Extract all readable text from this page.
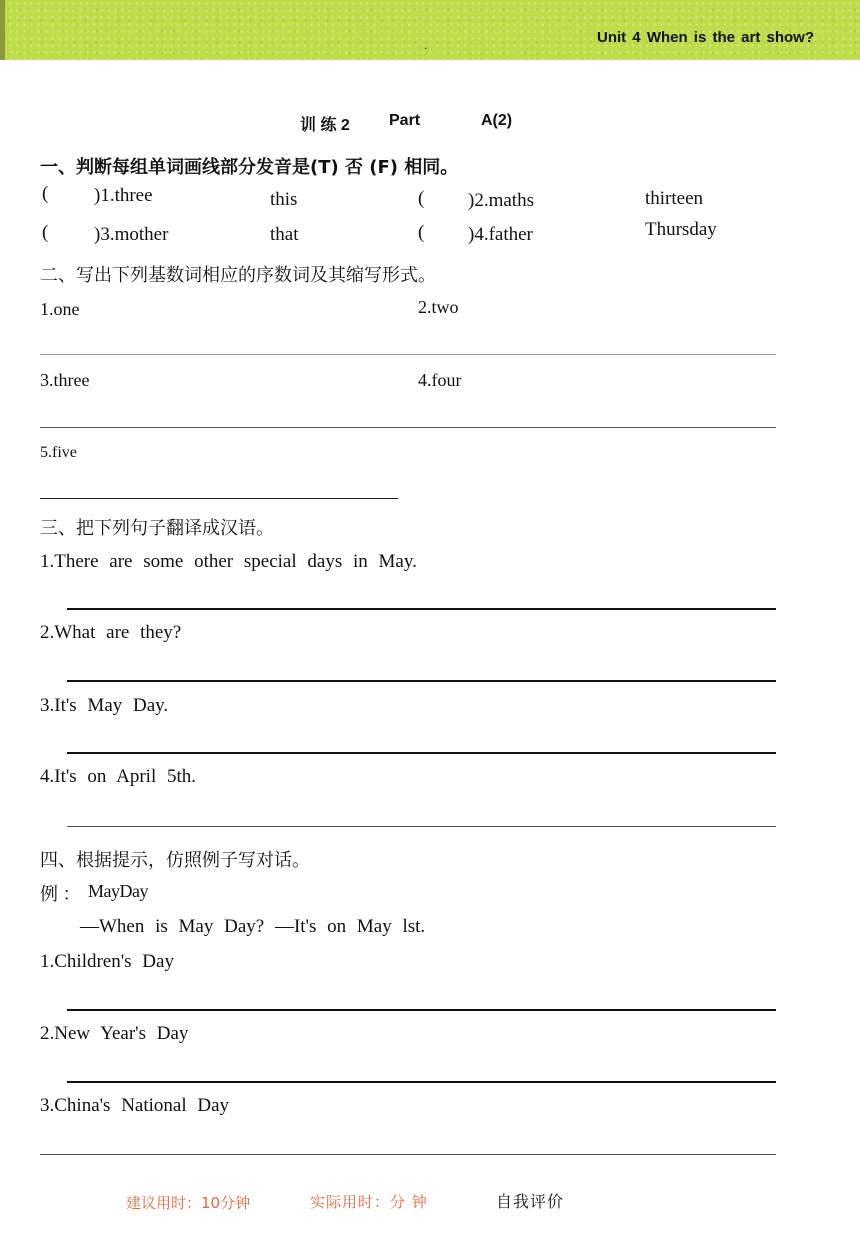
.	Unit 4 When is the art show?
训 练 2 Part	A(2)
一、判断每组单词画线部分发音是(T) 否 (F) 相同。
( )1.three	this	( )2.maths	thirteen
( )3.mother	that	( )4.father	Thursday
二、写出下列基数词相应的序数词及其缩写形式。
1.one	2.two
3.three	4.four
5.five
三、把下列句子翻译成汉语。
1.There are some other special days in May.
2.What are they?
3.It's May Day.
4.It's on April 5th.
四、根据提示，仿照例子写对话。
例 ： MayDay
—When is May Day? —It's on May lst.
1.Children's Day
2.New Year's Day
3.China's National Day
建议用时：10分钟	实际用时：分 钟	自我评价
